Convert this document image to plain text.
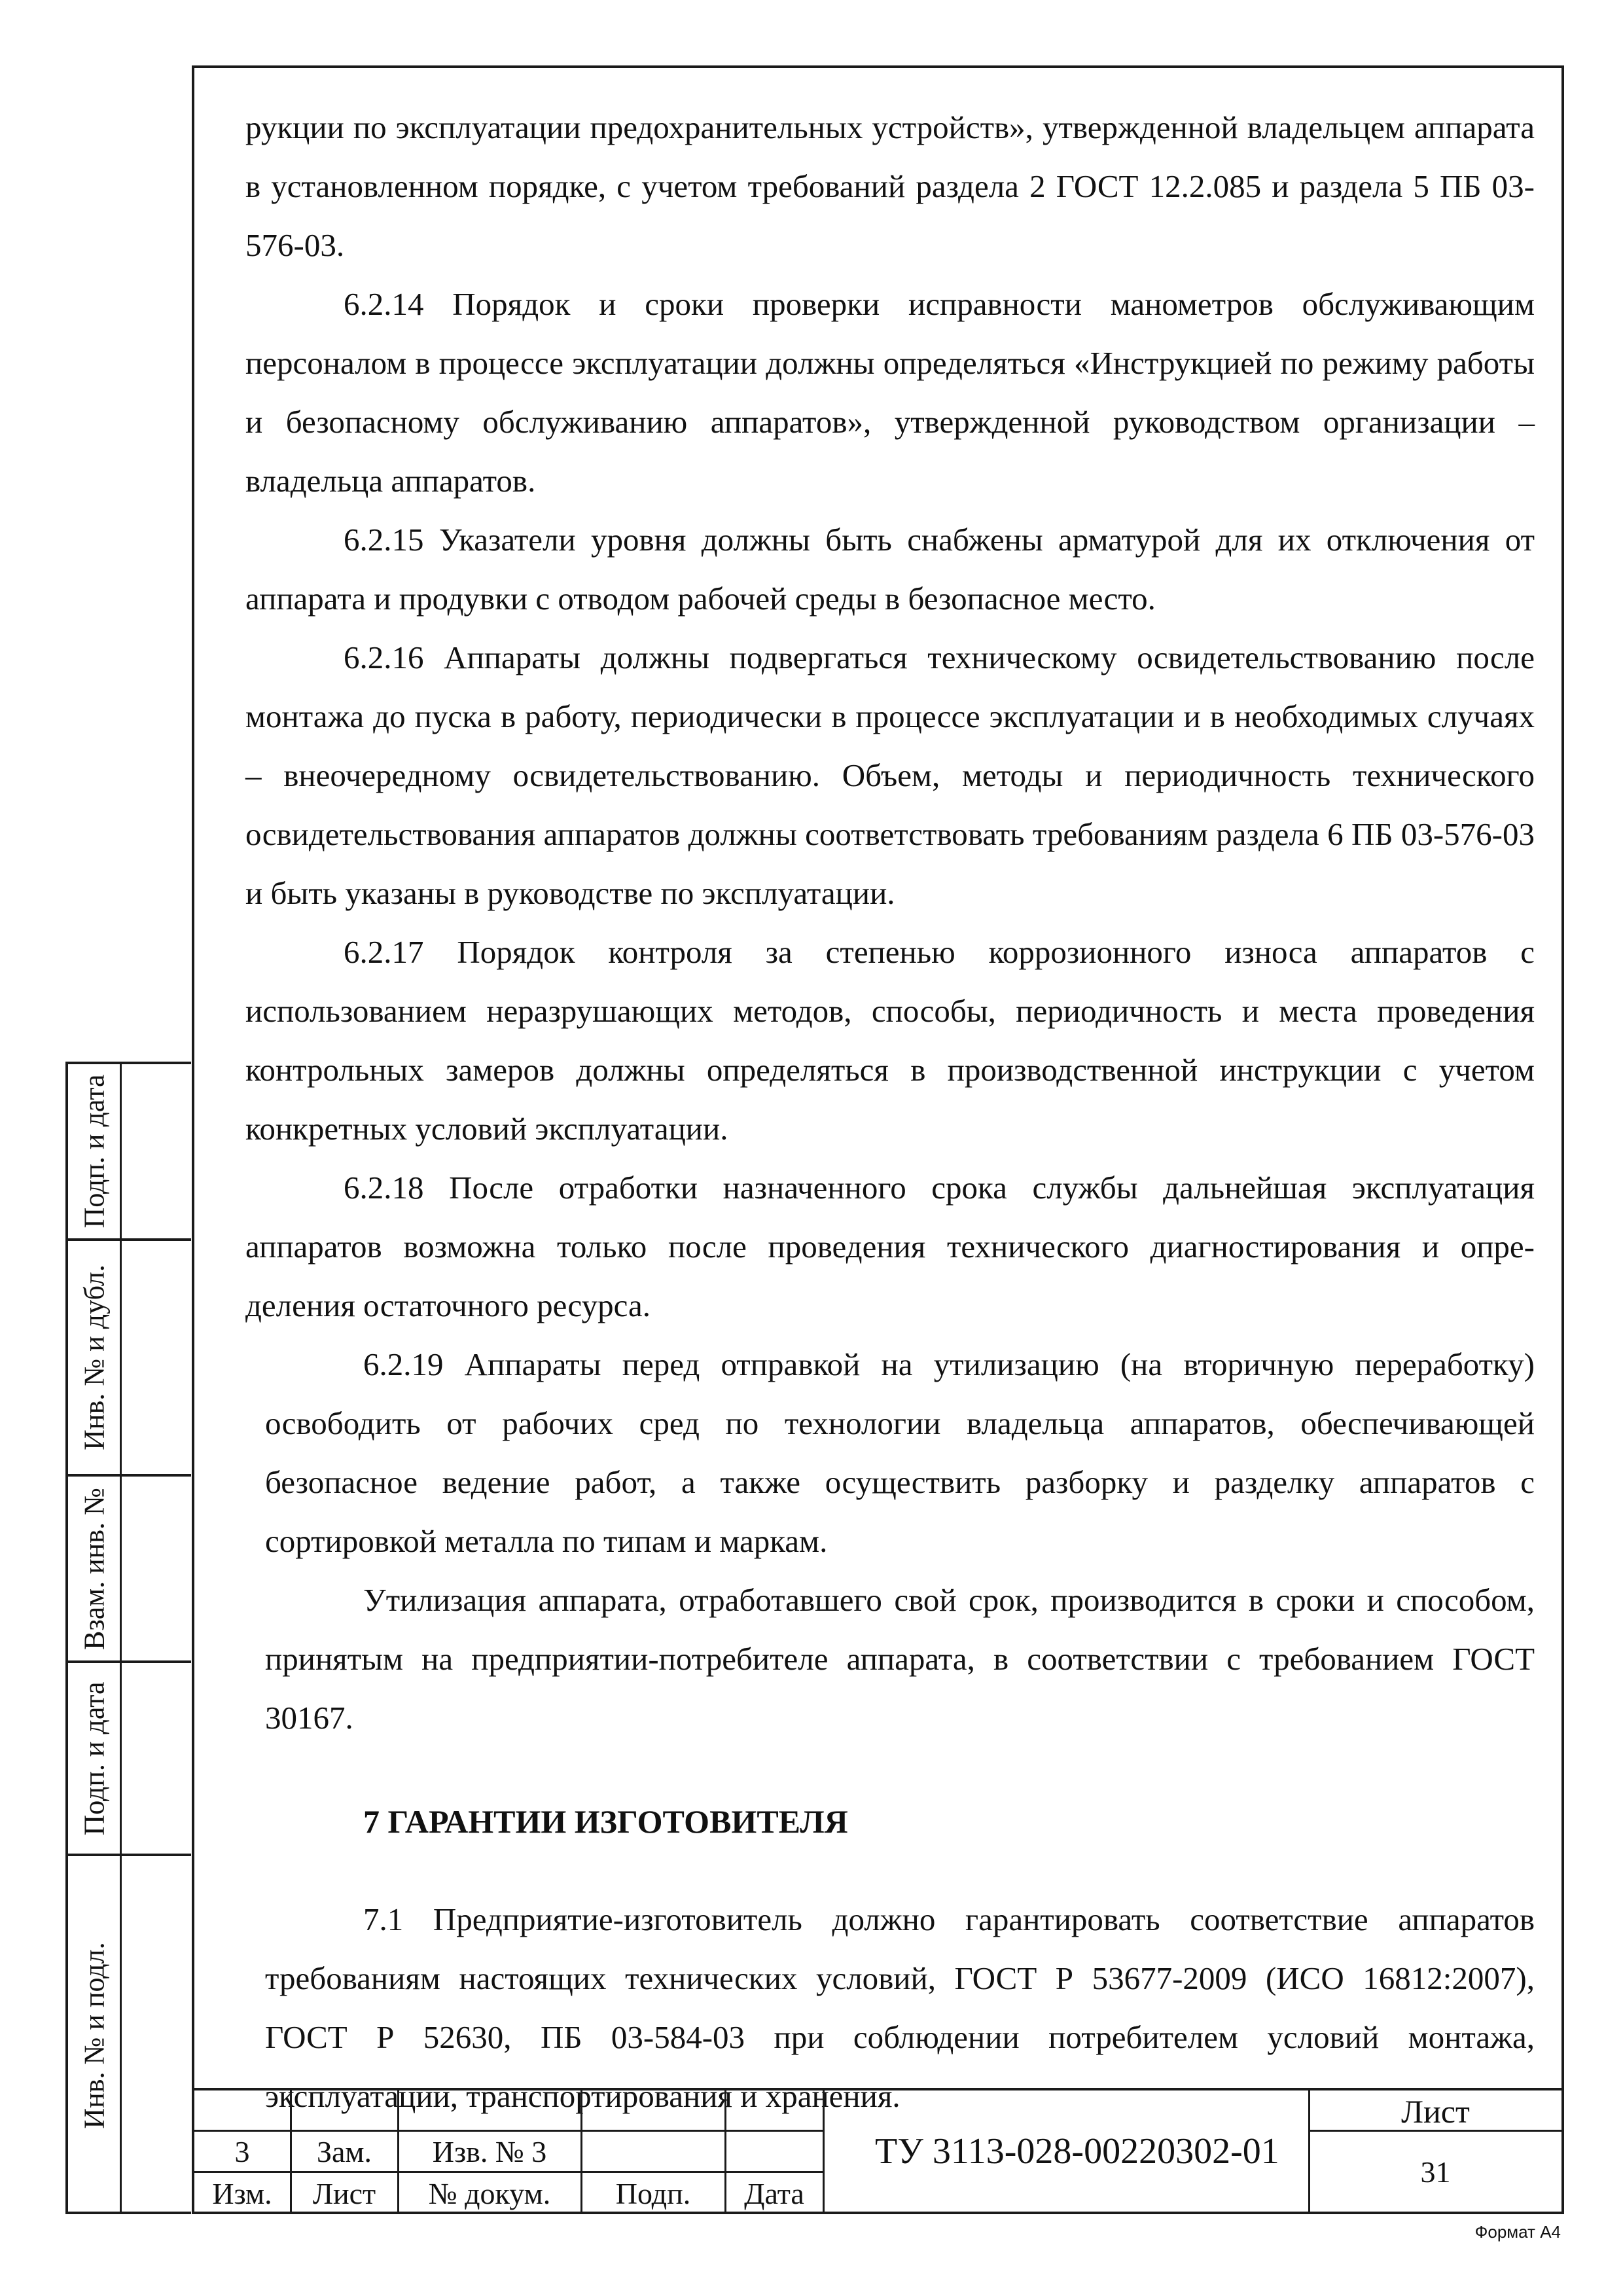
Подп. и дата
Инв. № и дубл.
Взам. инв. №
Подп. и дата
Инв. № и подл.

рукции по эксплуатации предохранительных устройств», утвержденной владельцем аппарата в установленном порядке, с учетом требований раздела 2 ГОСТ 12.2.085 и раздела 5 ПБ 03-576-03.

6.2.14 Порядок и сроки проверки исправности манометров обслуживающим персоналом в процессе эксплуатации должны определяться «Инструкцией по режиму работы и безопасному обслуживанию аппаратов», утвержденной руководством организации – владельца аппаратов.

6.2.15 Указатели уровня должны быть снабжены арматурой для их отключения от аппарата и продувки с отводом рабочей среды в безопасное место.

6.2.16 Аппараты должны подвергаться техническому освидетельствованию после монтажа до пуска в работу, периодически в процессе эксплуатации и в необходимых случаях – внеочередному освидетельствованию. Объем, методы и периодичность технического освидетельствования аппаратов должны соответствовать требованиям раздела 6 ПБ 03-576-03 и быть указаны в руководстве по эксплуатации.

6.2.17 Порядок контроля за степенью коррозионного износа аппаратов с использованием неразрушающих методов, способы, периодичность и места проведения контрольных замеров должны определяться в производственной инструкции с учетом конкретных условий эксплуатации.

6.2.18 После отработки назначенного срока службы дальнейшая эксплуатация аппаратов возможна только после проведения технического диагностирования и опре-деления остаточного ресурса.

6.2.19 Аппараты перед отправкой на утилизацию (на вторичную переработку) освободить от рабочих сред по технологии владельца аппаратов, обеспечивающей безопасное ведение работ, а также осуществить разборку и разделку аппаратов с сортировкой металла по типам и маркам.

Утилизация аппарата, отработавшего свой срок, производится в сроки и способом, принятым на предприятии-потребителе аппарата, в соответствии с требованием ГОСТ 30167.

7 ГАРАНТИИ ИЗГОТОВИТЕЛЯ

7.1 Предприятие-изготовитель должно гарантировать соответствие аппаратов требованиям настоящих технических условий, ГОСТ Р 53677-2009 (ИСО 16812:2007), ГОСТ Р 52630, ПБ 03-584-03 при соблюдении потребителем условий монтажа, эксплуатации, транспортирования и хранения.

3	Зам.	Изв. № 3
Изм.	Лист	№ докум.	Подп.	Дата
ТУ 3113-028-00220302-01
Лист
31
Формат А4
